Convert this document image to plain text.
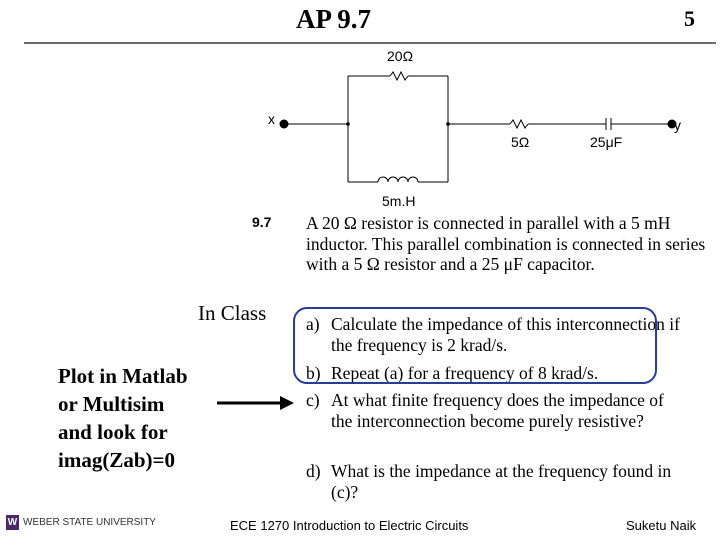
AP 9.7	5
x	y
20Ω
5Ω	25μF
5m.H
9.7 A 20 Ω resistor is connected in parallel with a 5 mH inductor. This parallel combination is connected in series with a 5 Ω resistor and a 25 μF capacitor.
a) Calculate the impedance of this interconnection if the frequency is 2 krad/s.
b) Repeat (a) for a frequency of 8 krad/s.
c) At what finite frequency does the impedance of the interconnection become purely resistive?
d) What is the impedance at the frequency found in (c)?
In Class
Plot in Matlab
or Multisim
and look for
imag(Zab)=0
W WEBER STATE UNIVERSITY	ECE 1270 Introduction to Electric Circuits	Suketu Naik
